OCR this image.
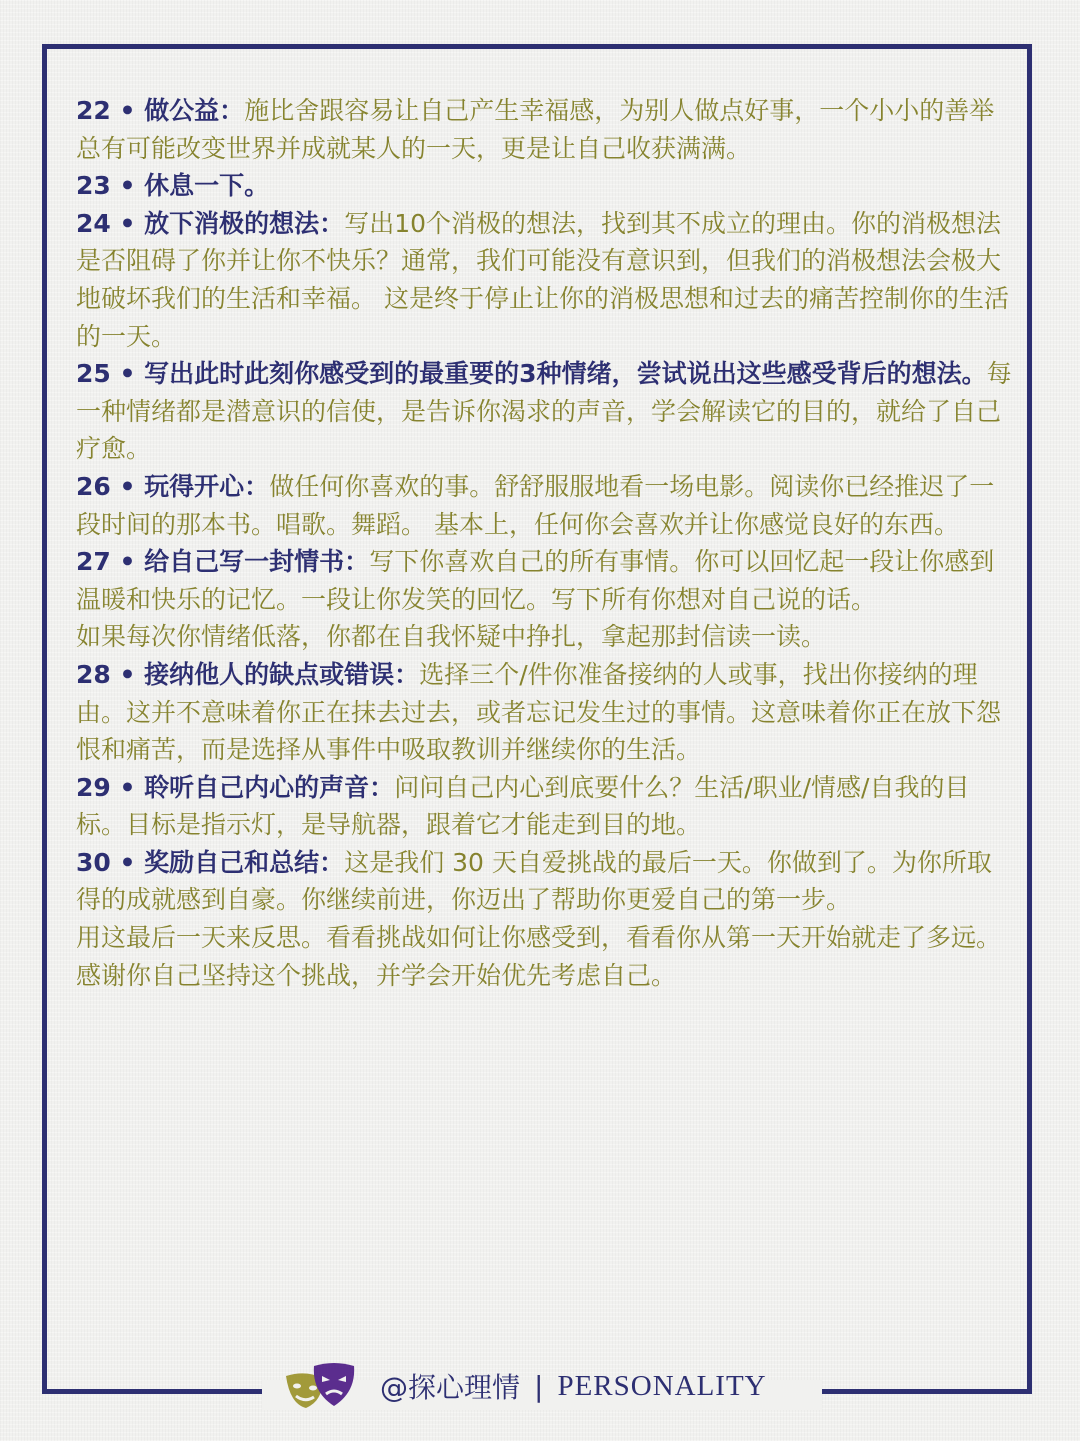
22 • 做公益：施比舍跟容易让自己产生幸福感，为别人做点好事，一个小小的善举总有可能改变世界并成就某人的一天，更是让自己收获满满。

23 • 休息一下。

24 • 放下消极的想法：写出10个消极的想法，找到其不成立的理由。你的消极想法是否阻碍了你并让你不快乐？通常，我们可能没有意识到，但我们的消极想法会极大地破坏我们的生活和幸福。 这是终于停止让你的消极思想和过去的痛苦控制你的生活的一天。

25 • 写出此时此刻你感受到的最重要的3种情绪，尝试说出这些感受背后的想法。每一种情绪都是潜意识的信使，是告诉你渴求的声音，学会解读它的目的，就给了自己疗愈。

26 • 玩得开心：做任何你喜欢的事。舒舒服服地看一场电影。阅读你已经推迟了一段时间的那本书。唱歌。舞蹈。 基本上，任何你会喜欢并让你感觉良好的东西。

27 • 给自己写一封情书：写下你喜欢自己的所有事情。你可以回忆起一段让你感到温暖和快乐的记忆。一段让你发笑的回忆。写下所有你想对自己说的话。

如果每次你情绪低落，你都在自我怀疑中挣扎，拿起那封信读一读。

28 • 接纳他人的缺点或错误：选择三个/件你准备接纳的人或事，找出你接纳的理由。这并不意味着你正在抹去过去，或者忘记发生过的事情。这意味着你正在放下怨恨和痛苦，而是选择从事件中吸取教训并继续你的生活。

29 • 聆听自己内心的声音：问问自己内心到底要什么？生活/职业/情感/自我的目标。目标是指示灯，是导航器，跟着它才能走到目的地。

30 • 奖励自己和总结：这是我们 30 天自爱挑战的最后一天。你做到了。为你所取得的成就感到自豪。你继续前进，你迈出了帮助你更爱自己的第一步。

用这最后一天来反思。看看挑战如何让你感受到，看看你从第一天开始就走了多远。感谢你自己坚持这个挑战，并学会开始优先考虑自己。

@探心理情 | PERSONALITY
